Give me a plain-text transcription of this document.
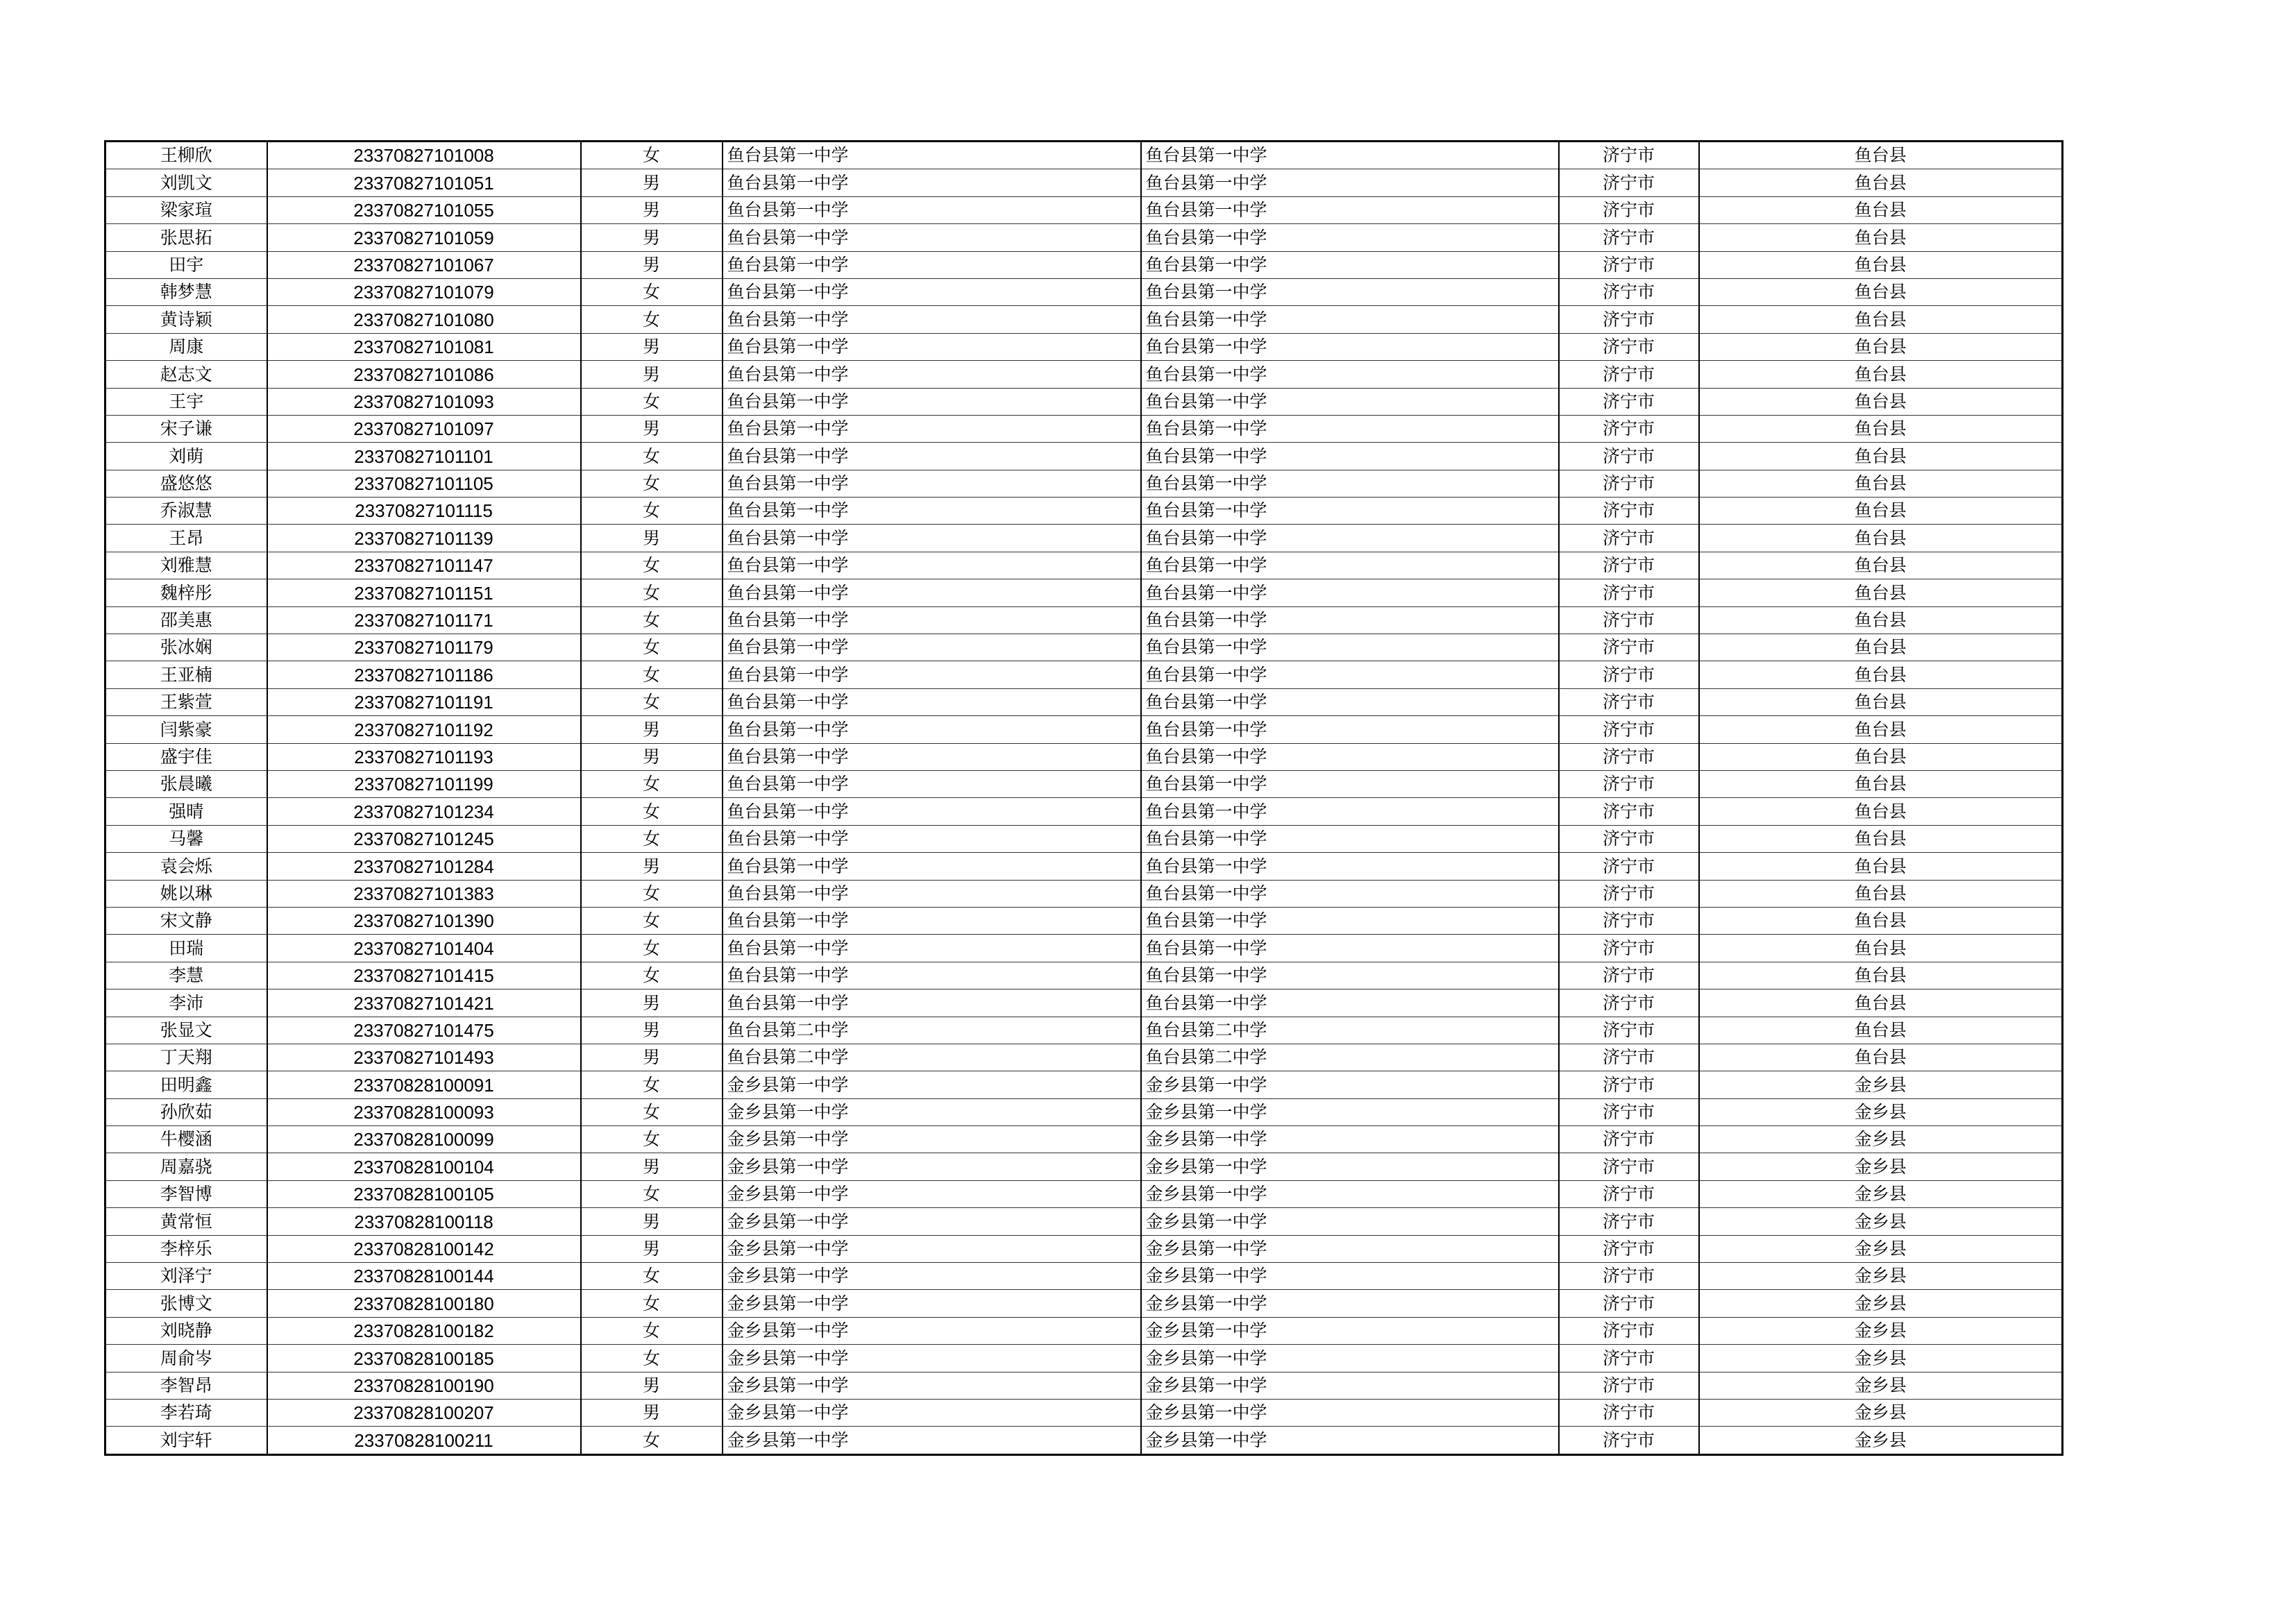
王柳欣	23370827101008	女	鱼台县第一中学	鱼台县第一中学	济宁市	鱼台县
刘凯文	23370827101051	男	鱼台县第一中学	鱼台县第一中学	济宁市	鱼台县
梁家瑄	23370827101055	男	鱼台县第一中学	鱼台县第一中学	济宁市	鱼台县
张思拓	23370827101059	男	鱼台县第一中学	鱼台县第一中学	济宁市	鱼台县
田宇	23370827101067	男	鱼台县第一中学	鱼台县第一中学	济宁市	鱼台县
韩梦慧	23370827101079	女	鱼台县第一中学	鱼台县第一中学	济宁市	鱼台县
黄诗颖	23370827101080	女	鱼台县第一中学	鱼台县第一中学	济宁市	鱼台县
周康	23370827101081	男	鱼台县第一中学	鱼台县第一中学	济宁市	鱼台县
赵志文	23370827101086	男	鱼台县第一中学	鱼台县第一中学	济宁市	鱼台县
王宇	23370827101093	女	鱼台县第一中学	鱼台县第一中学	济宁市	鱼台县
宋子谦	23370827101097	男	鱼台县第一中学	鱼台县第一中学	济宁市	鱼台县
刘萌	23370827101101	女	鱼台县第一中学	鱼台县第一中学	济宁市	鱼台县
盛悠悠	23370827101105	女	鱼台县第一中学	鱼台县第一中学	济宁市	鱼台县
乔淑慧	23370827101115	女	鱼台县第一中学	鱼台县第一中学	济宁市	鱼台县
王昂	23370827101139	男	鱼台县第一中学	鱼台县第一中学	济宁市	鱼台县
刘雅慧	23370827101147	女	鱼台县第一中学	鱼台县第一中学	济宁市	鱼台县
魏梓彤	23370827101151	女	鱼台县第一中学	鱼台县第一中学	济宁市	鱼台县
邵美惠	23370827101171	女	鱼台县第一中学	鱼台县第一中学	济宁市	鱼台县
张冰娴	23370827101179	女	鱼台县第一中学	鱼台县第一中学	济宁市	鱼台县
王亚楠	23370827101186	女	鱼台县第一中学	鱼台县第一中学	济宁市	鱼台县
王紫萱	23370827101191	女	鱼台县第一中学	鱼台县第一中学	济宁市	鱼台县
闫紫豪	23370827101192	男	鱼台县第一中学	鱼台县第一中学	济宁市	鱼台县
盛宇佳	23370827101193	男	鱼台县第一中学	鱼台县第一中学	济宁市	鱼台县
张晨曦	23370827101199	女	鱼台县第一中学	鱼台县第一中学	济宁市	鱼台县
强晴	23370827101234	女	鱼台县第一中学	鱼台县第一中学	济宁市	鱼台县
马馨	23370827101245	女	鱼台县第一中学	鱼台县第一中学	济宁市	鱼台县
袁会烁	23370827101284	男	鱼台县第一中学	鱼台县第一中学	济宁市	鱼台县
姚以琳	23370827101383	女	鱼台县第一中学	鱼台县第一中学	济宁市	鱼台县
宋文静	23370827101390	女	鱼台县第一中学	鱼台县第一中学	济宁市	鱼台县
田瑞	23370827101404	女	鱼台县第一中学	鱼台县第一中学	济宁市	鱼台县
李慧	23370827101415	女	鱼台县第一中学	鱼台县第一中学	济宁市	鱼台县
李沛	23370827101421	男	鱼台县第一中学	鱼台县第一中学	济宁市	鱼台县
张显文	23370827101475	男	鱼台县第二中学	鱼台县第二中学	济宁市	鱼台县
丁天翔	23370827101493	男	鱼台县第二中学	鱼台县第二中学	济宁市	鱼台县
田明鑫	23370828100091	女	金乡县第一中学	金乡县第一中学	济宁市	金乡县
孙欣茹	23370828100093	女	金乡县第一中学	金乡县第一中学	济宁市	金乡县
牛樱涵	23370828100099	女	金乡县第一中学	金乡县第一中学	济宁市	金乡县
周嘉骁	23370828100104	男	金乡县第一中学	金乡县第一中学	济宁市	金乡县
李智博	23370828100105	女	金乡县第一中学	金乡县第一中学	济宁市	金乡县
黄常恒	23370828100118	男	金乡县第一中学	金乡县第一中学	济宁市	金乡县
李梓乐	23370828100142	男	金乡县第一中学	金乡县第一中学	济宁市	金乡县
刘泽宁	23370828100144	女	金乡县第一中学	金乡县第一中学	济宁市	金乡县
张博文	23370828100180	女	金乡县第一中学	金乡县第一中学	济宁市	金乡县
刘晓静	23370828100182	女	金乡县第一中学	金乡县第一中学	济宁市	金乡县
周俞岑	23370828100185	女	金乡县第一中学	金乡县第一中学	济宁市	金乡县
李智昂	23370828100190	男	金乡县第一中学	金乡县第一中学	济宁市	金乡县
李若琦	23370828100207	男	金乡县第一中学	金乡县第一中学	济宁市	金乡县
刘宇轩	23370828100211	女	金乡县第一中学	金乡县第一中学	济宁市	金乡县
